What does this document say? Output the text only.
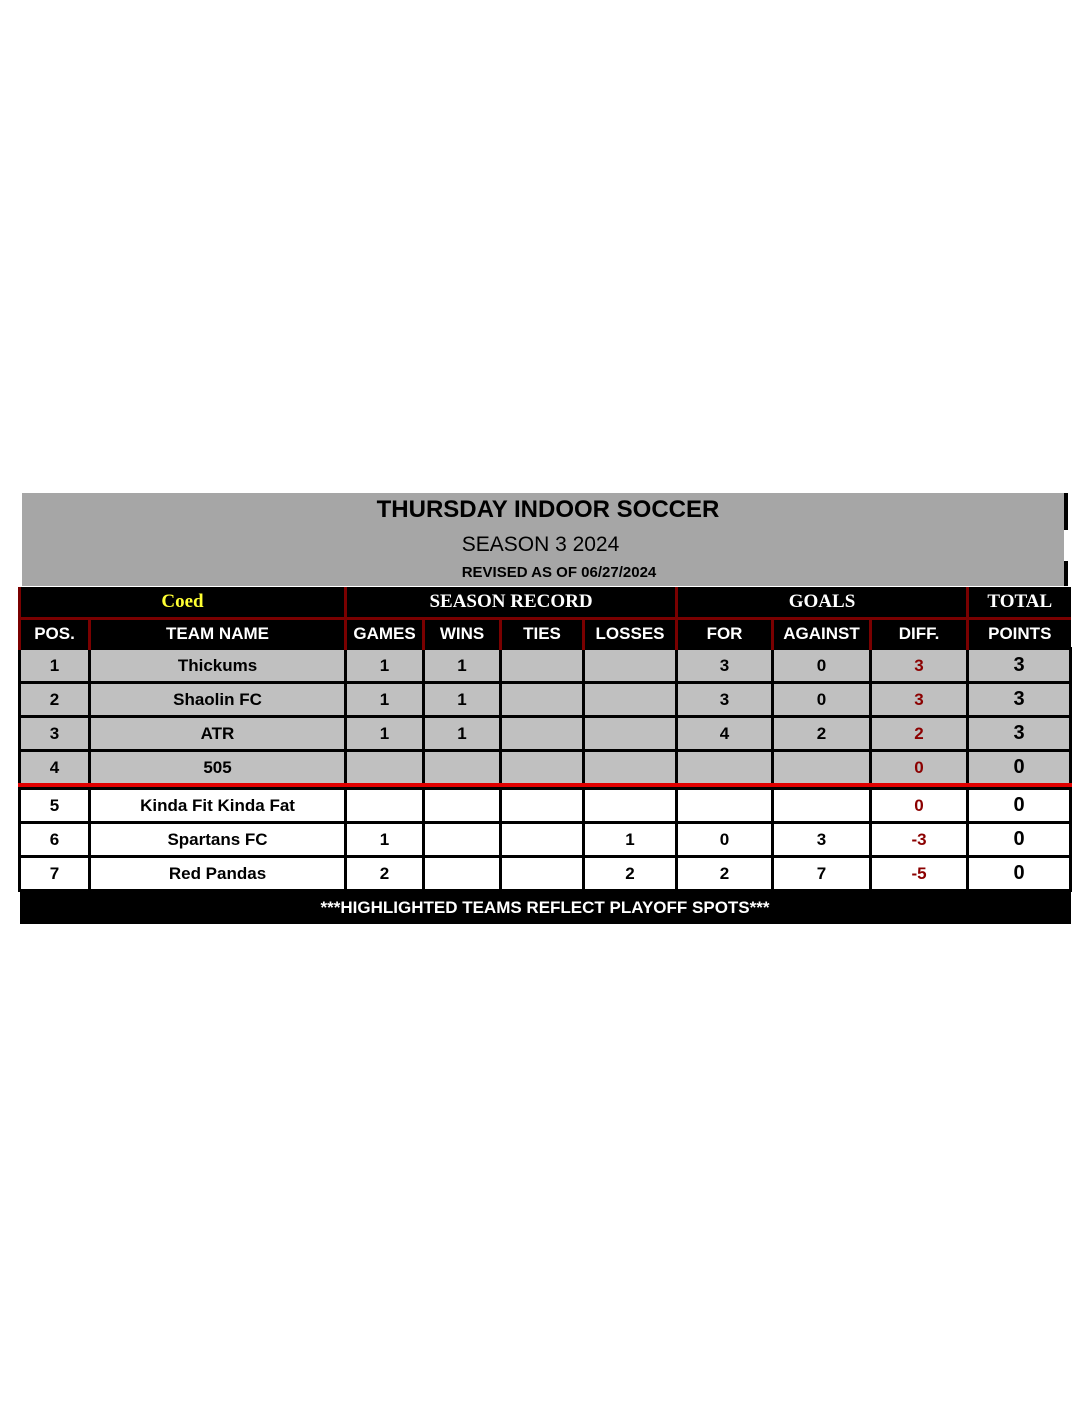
THURSDAY INDOOR SOCCER
SEASON 3 2024
REVISED AS OF 06/27/2024
Coed		SEASON RECORD				GOALS			TOTAL
POS.	TEAM NAME	GAMES	WINS	TIES	LOSSES	FOR	AGAINST	DIFF.	POINTS
1	Thickums	1	1			3	0	3	3
2	Shaolin FC	1	1			3	0	3	3
3	ATR	1	1			4	2	2	3
4	505							0	0

5	Kinda Fit Kinda Fat							0	0
6	Spartans FC	1			1	0	3	-3	0
7	Red Pandas	2			2	2	7	-5	0
***HIGHLIGHTED TEAMS REFLECT PLAYOFF SPOTS***									
